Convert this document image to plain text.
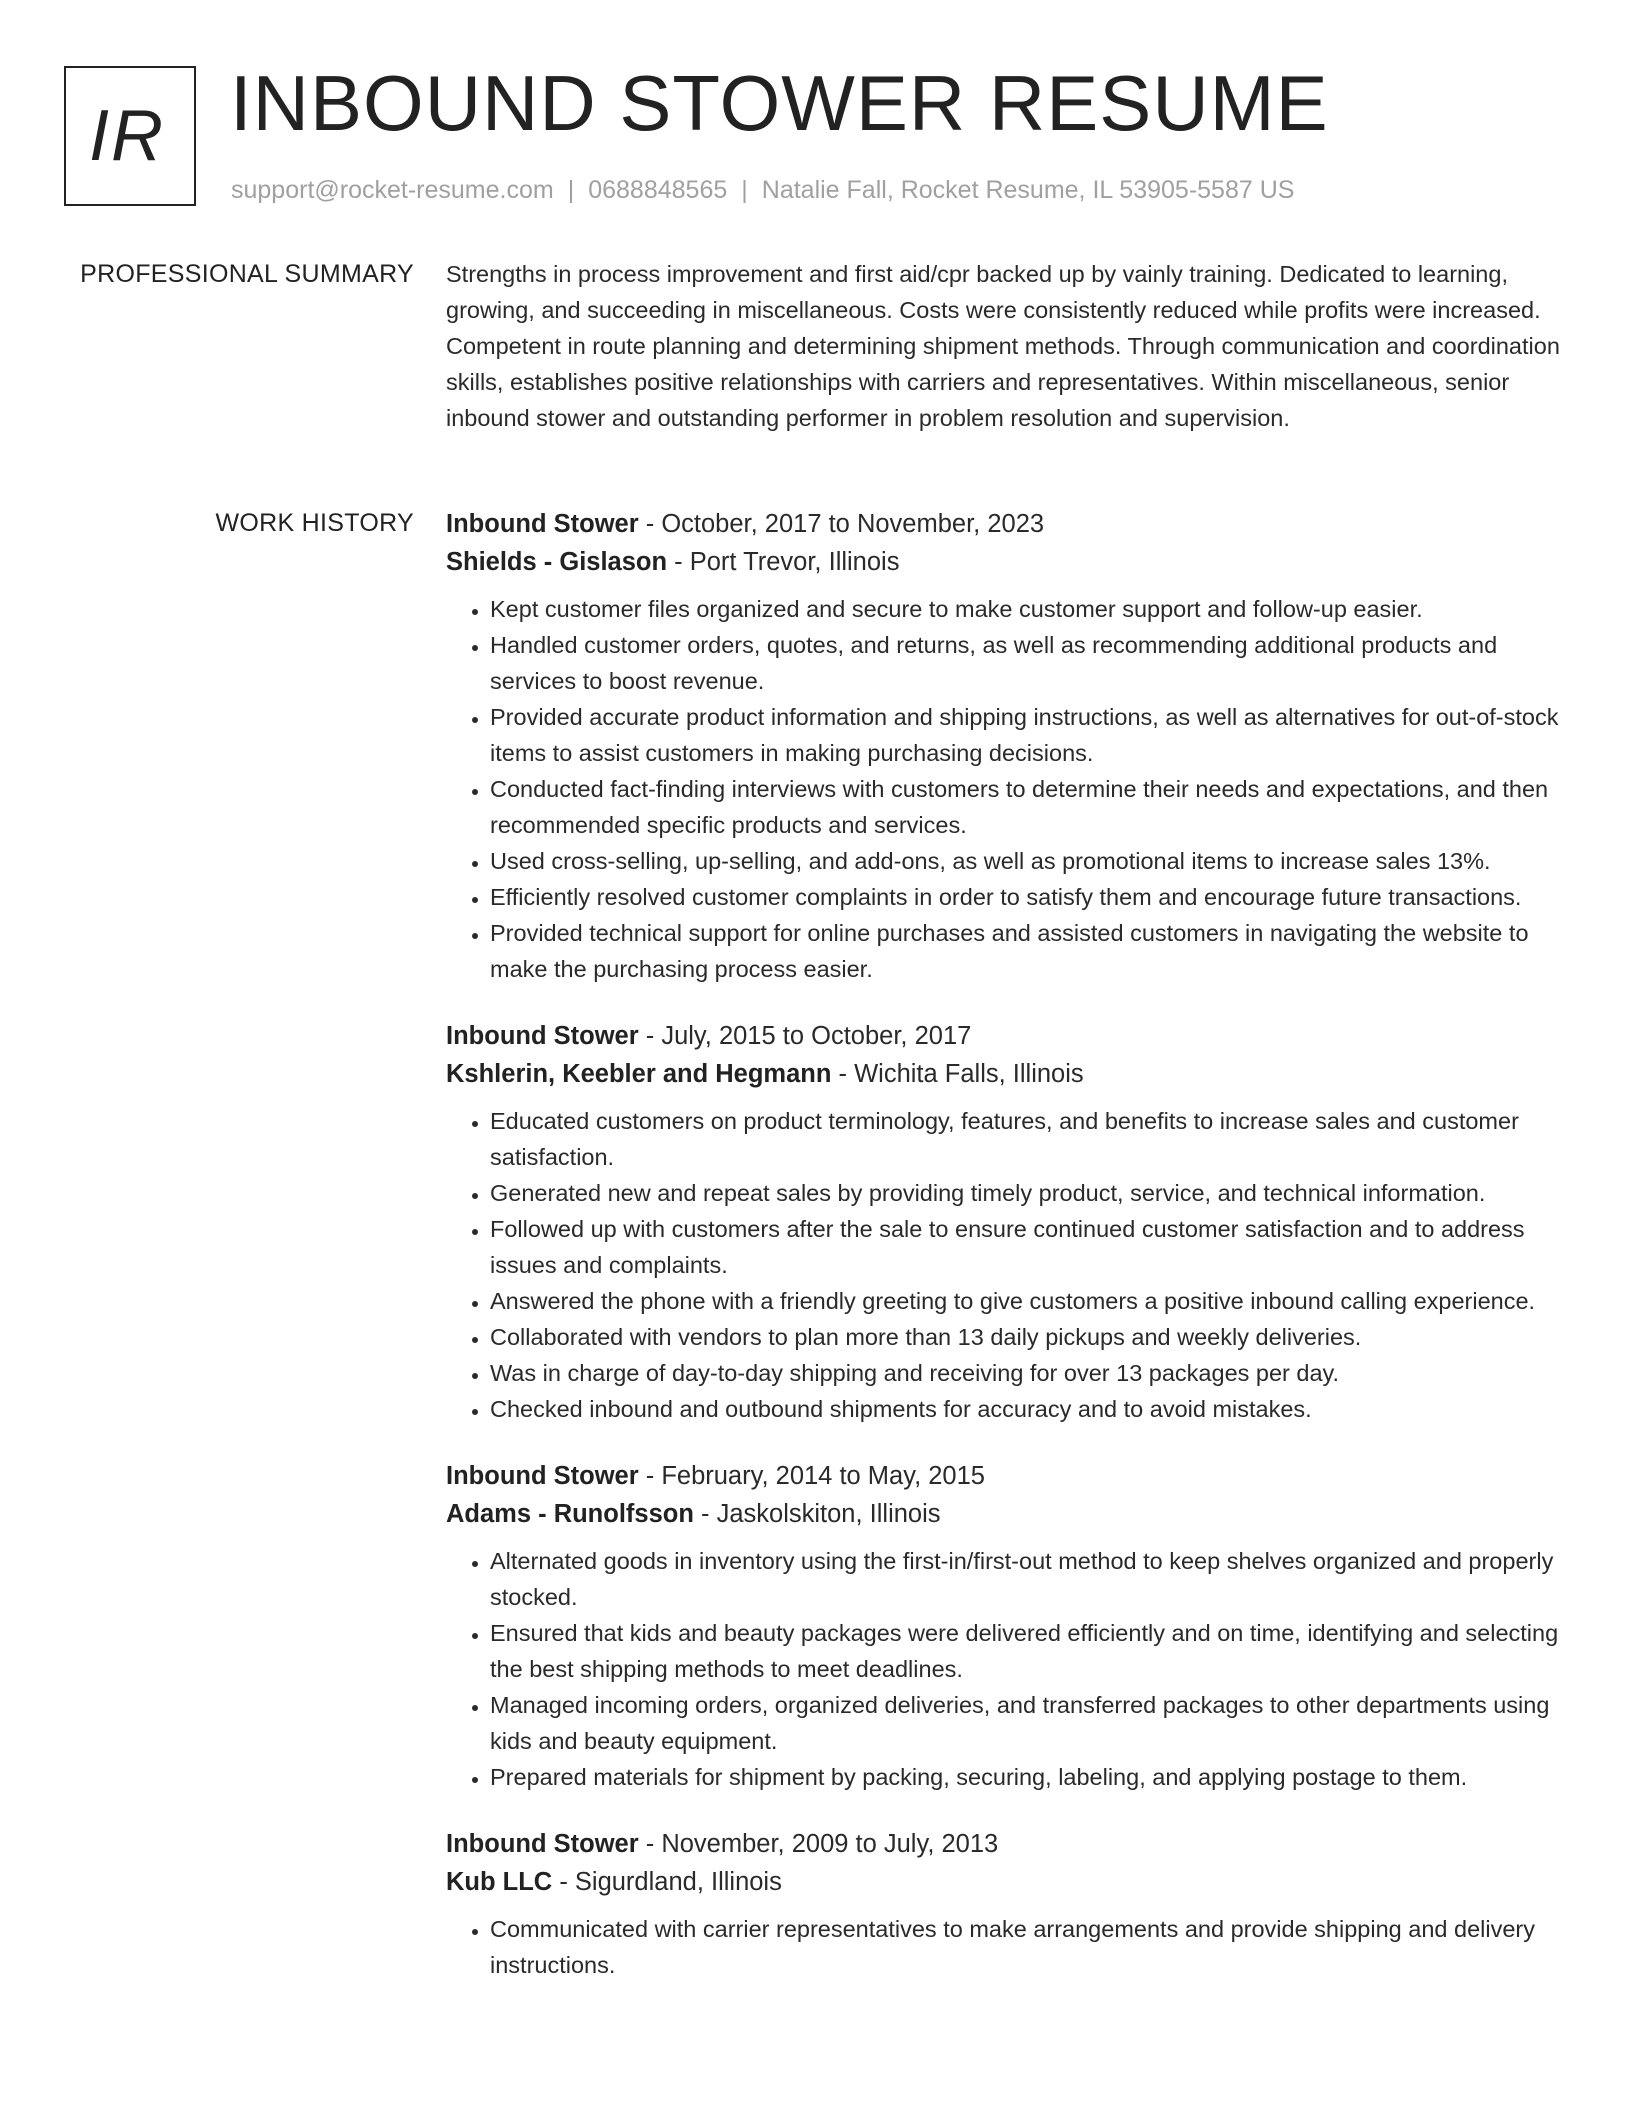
IR INBOUND STOWER RESUME
support@rocket-resume.com | 0688848565 | Natalie Fall, Rocket Resume, IL 53905-5587 US
PROFESSIONAL SUMMARY Strengths in process improvement and first aid/cpr backed up by vainly training. Dedicated to learning, growing, and succeeding in miscellaneous. Costs were consistently reduced while profits were increased. Competent in route planning and determining shipment methods. Through communication and coordination skills, establishes positive relationships with carriers and representatives. Within miscellaneous, senior inbound stower and outstanding performer in problem resolution and supervision.

WORK HISTORY Inbound Stower - October, 2017 to November, 2023
Shields - Gislason - Port Trevor, Illinois
• Kept customer files organized and secure to make customer support and follow-up easier.
• Handled customer orders, quotes, and returns, as well as recommending additional products and services to boost revenue.
• Provided accurate product information and shipping instructions, as well as alternatives for out-of-stock items to assist customers in making purchasing decisions.
• Conducted fact-finding interviews with customers to determine their needs and expectations, and then recommended specific products and services.
• Used cross-selling, up-selling, and add-ons, as well as promotional items to increase sales 13%.
• Efficiently resolved customer complaints in order to satisfy them and encourage future transactions.
• Provided technical support for online purchases and assisted customers in navigating the website to make the purchasing process easier.
Inbound Stower - July, 2015 to October, 2017
Kshlerin, Keebler and Hegmann - Wichita Falls, Illinois
• Educated customers on product terminology, features, and benefits to increase sales and customer satisfaction.
• Generated new and repeat sales by providing timely product, service, and technical information.
• Followed up with customers after the sale to ensure continued customer satisfaction and to address issues and complaints.
• Answered the phone with a friendly greeting to give customers a positive inbound calling experience.
• Collaborated with vendors to plan more than 13 daily pickups and weekly deliveries.
• Was in charge of day-to-day shipping and receiving for over 13 packages per day.
• Checked inbound and outbound shipments for accuracy and to avoid mistakes.
Inbound Stower - February, 2014 to May, 2015
Adams - Runolfsson - Jaskolskiton, Illinois
• Alternated goods in inventory using the first-in/first-out method to keep shelves organized and properly stocked.
• Ensured that kids and beauty packages were delivered efficiently and on time, identifying and selecting the best shipping methods to meet deadlines.
• Managed incoming orders, organized deliveries, and transferred packages to other departments using kids and beauty equipment.
• Prepared materials for shipment by packing, securing, labeling, and applying postage to them.
Inbound Stower - November, 2009 to July, 2013
Kub LLC - Sigurdland, Illinois
• Communicated with carrier representatives to make arrangements and provide shipping and delivery instructions.
